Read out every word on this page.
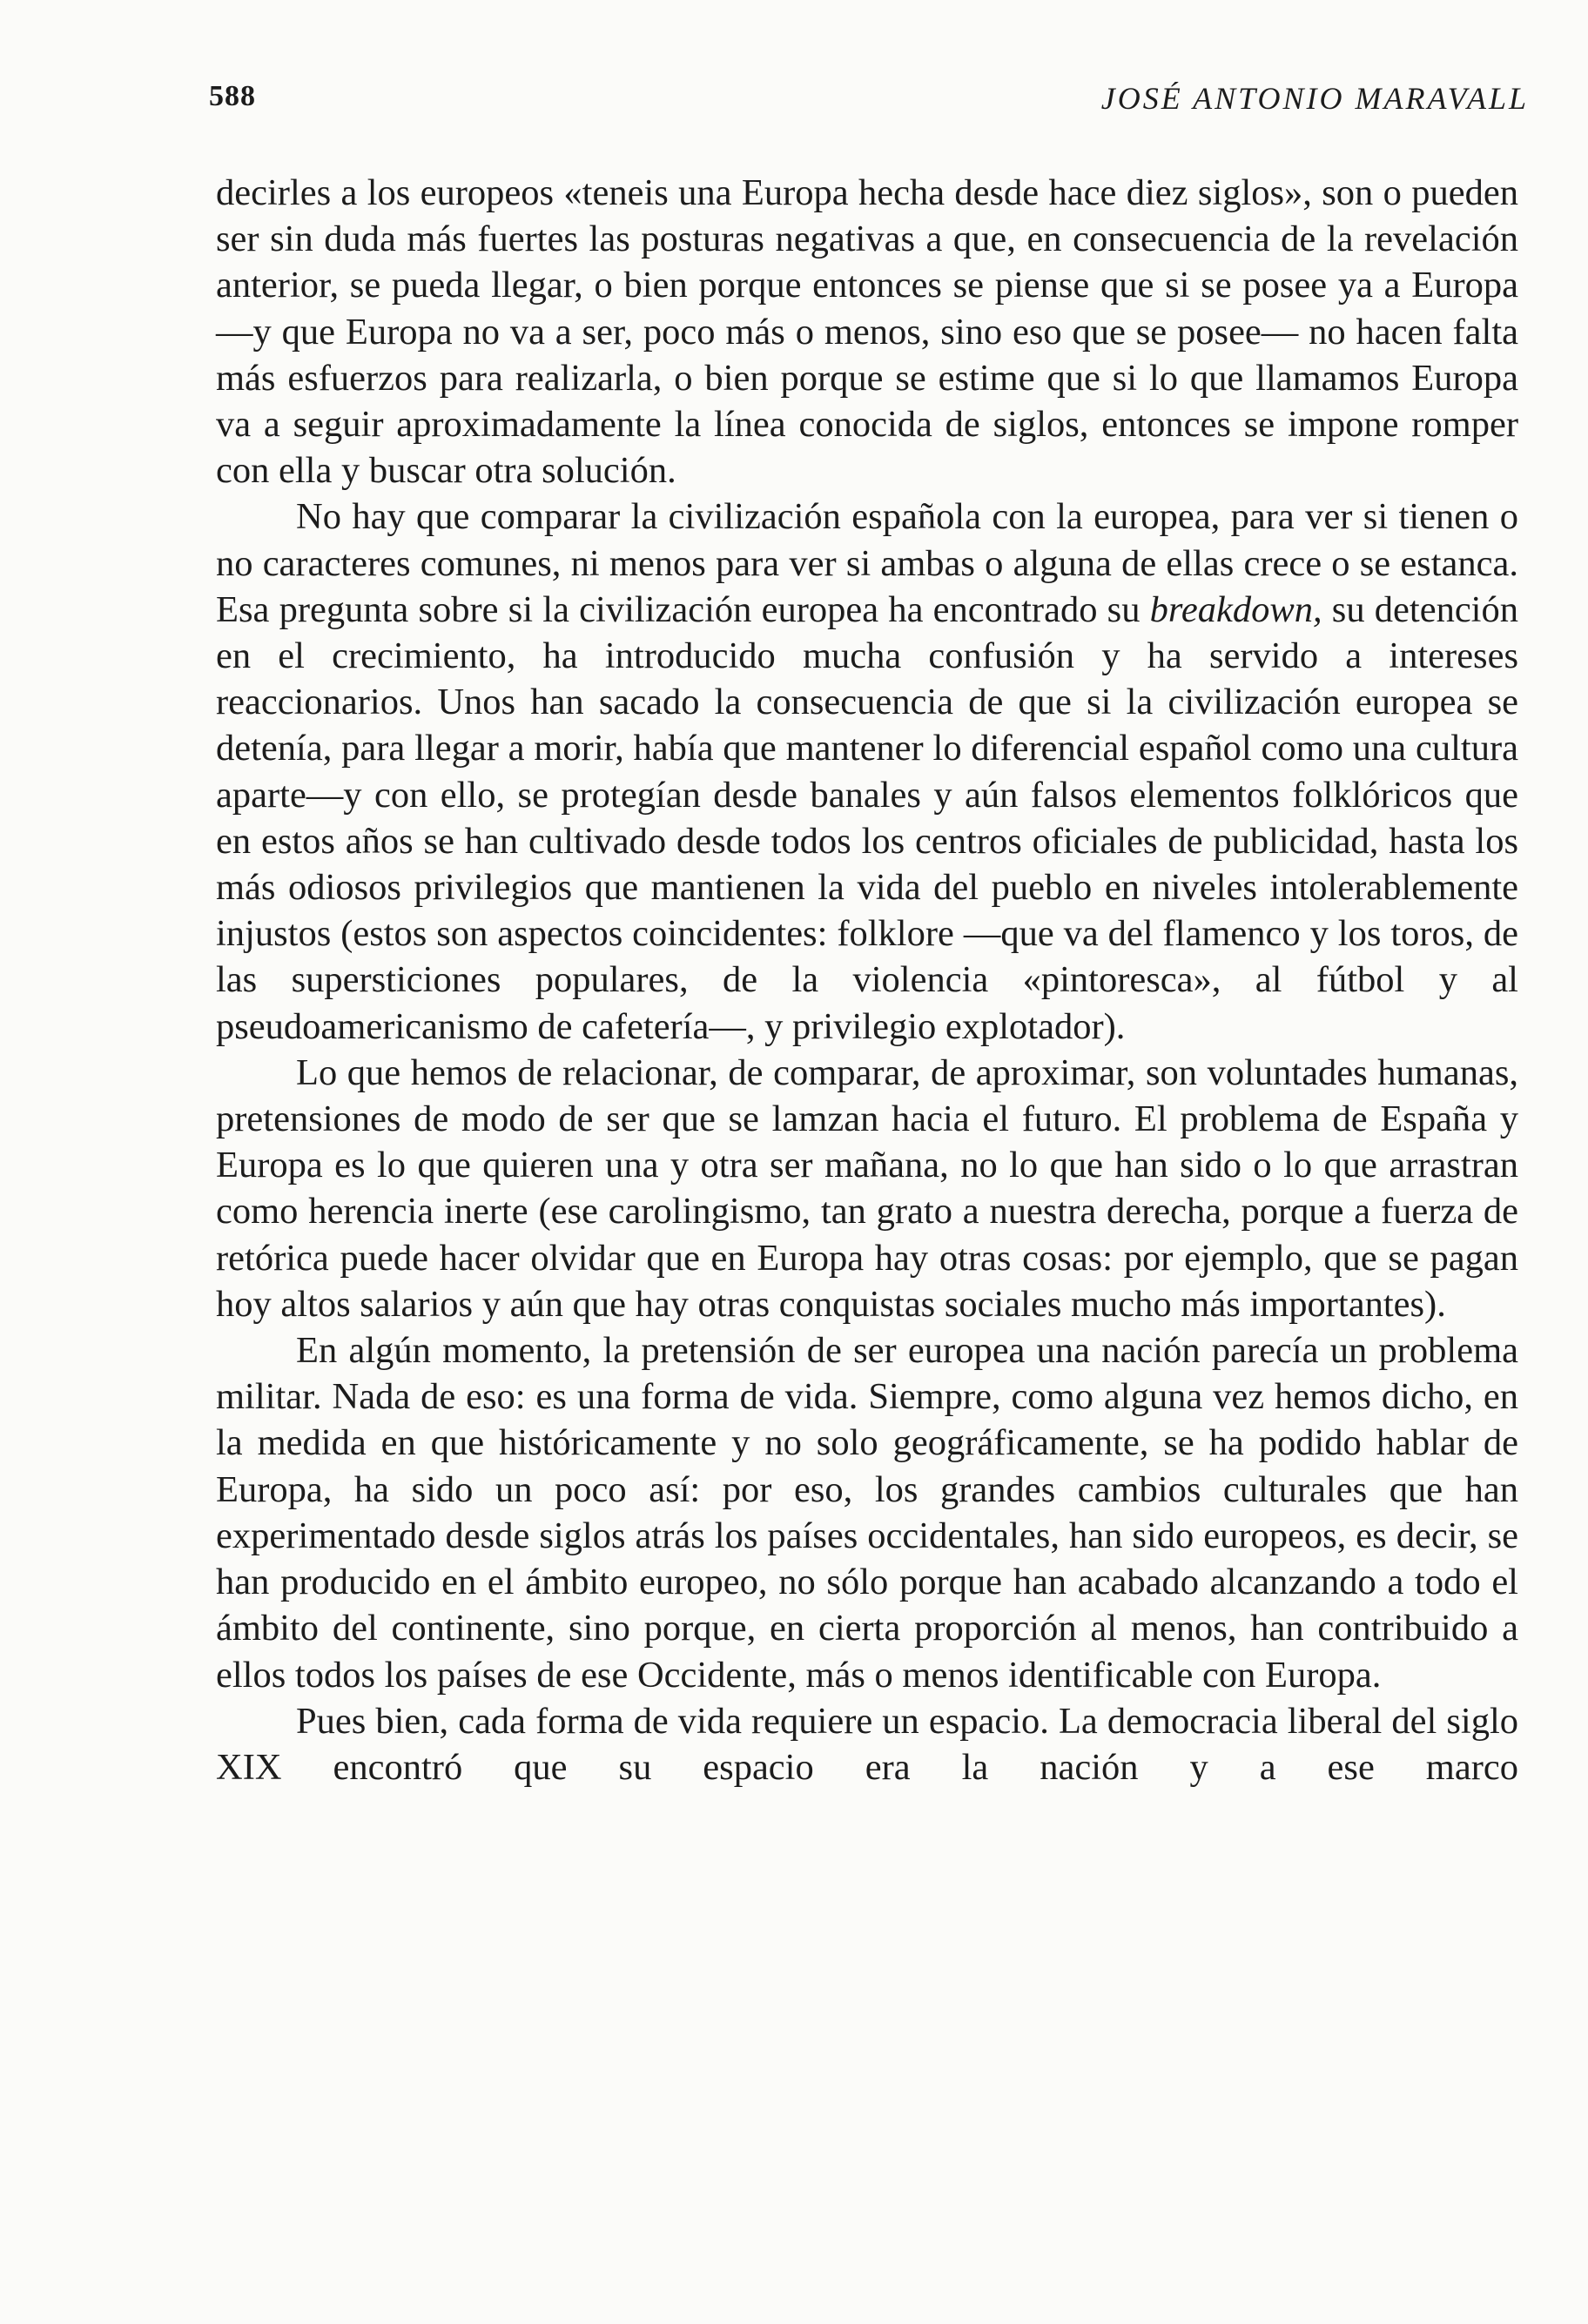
588	JOSÉ ANTONIO MARAVALL

decirles a los europeos «teneis una Europa hecha desde hace diez siglos», son o pueden ser sin duda más fuertes las posturas negativas a que, en consecuencia de la revelación anterior, se pueda llegar, o bien porque entonces se piense que si se posee ya a Europa —y que Europa no va a ser, poco más o menos, sino eso que se posee— no hacen falta más esfuerzos para realizarla, o bien porque se estime que si lo que llamamos Europa va a seguir aproximadamente la línea conocida de siglos, entonces se impone romper con ella y buscar otra solución.

No hay que comparar la civilización española con la europea, para ver si tienen o no caracteres comunes, ni menos para ver si ambas o alguna de ellas crece o se estanca. Esa pregunta sobre si la civilización europea ha encontrado su breakdown, su detención en el crecimiento, ha introducido mucha confusión y ha servido a intereses reaccionarios. Unos han sacado la consecuencia de que si la civilización europea se detenía, para llegar a morir, había que mantener lo diferencial español como una cultura aparte—y con ello, se protegían desde banales y aún falsos elementos folklóricos que en estos años se han cultivado desde todos los centros oficiales de publicidad, hasta los más odiosos privilegios que mantienen la vida del pueblo en niveles intolerablemente injustos (estos son aspectos coincidentes: folklore —que va del flamenco y los toros, de las supersticiones populares, de la violencia «pintoresca», al fútbol y al pseudoamericanismo de cafetería—, y privilegio explotador).

Lo que hemos de relacionar, de comparar, de aproximar, son voluntades humanas, pretensiones de modo de ser que se lamzan hacia el futuro. El problema de España y Europa es lo que quieren una y otra ser mañana, no lo que han sido o lo que arrastran como herencia inerte (ese carolingismo, tan grato a nuestra derecha, porque a fuerza de retórica puede hacer olvidar que en Europa hay otras cosas: por ejemplo, que se pagan hoy altos salarios y aún que hay otras conquistas sociales mucho más importantes).

En algún momento, la pretensión de ser europea una nación parecía un problema militar. Nada de eso: es una forma de vida. Siempre, como alguna vez hemos dicho, en la medida en que históricamente y no solo geográficamente, se ha podido hablar de Europa, ha sido un poco así: por eso, los grandes cambios culturales que han experimentado desde siglos atrás los países occidentales, han sido europeos, es decir, se han producido en el ámbito europeo, no sólo porque han acabado alcanzando a todo el ámbito del continente, sino porque, en cierta proporción al menos, han contribuido a ellos todos los países de ese Occidente, más o menos identificable con Europa.

Pues bien, cada forma de vida requiere un espacio. La democracia liberal del siglo XIX encontró que su espacio era la nación y a ese marco
